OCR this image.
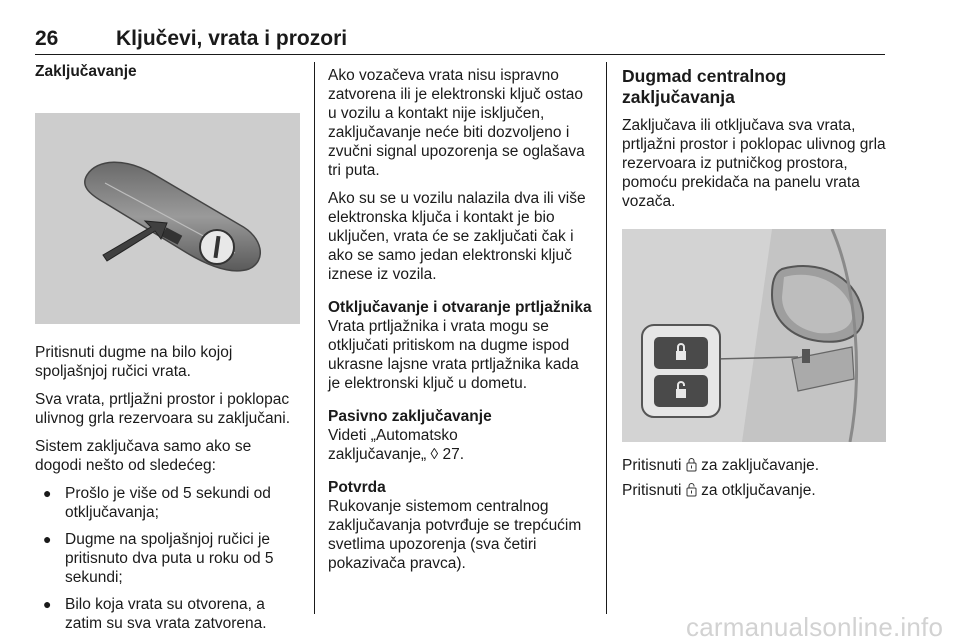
26	Ključevi, vrata i prozori

Zaključavanje

Pritisnuti dugme na bilo kojoj spoljašnjoj ručici vrata.

Sva vrata, prtljažni prostor i poklopac ulivnog grla rezervoara su zaključani.

Sistem zaključava samo ako se dogodi nešto od sledećeg:

● Prošlo je više od 5 sekundi od otključavanja;
● Dugme na spoljašnjoj ručici je pritisnuto dva puta u roku od 5 sekundi;
● Bilo koja vrata su otvorena, a zatim su sva vrata zatvorena.

Ako vozačeva vrata nisu ispravno zatvorena ili je elektronski ključ ostao u vozilu a kontakt nije isključen, zaključavanje neće biti dozvoljeno i zvučni signal upozorenja se oglašava tri puta.

Ako su se u vozilu nalazila dva ili više elektronska ključa i kontakt je bio uključen, vrata će se zaključati čak i ako se samo jedan elektronski ključ iznese iz vozila.

Otključavanje i otvaranje prtljažnika

Vrata prtljažnika i vrata mogu se otključati pritiskom na dugme ispod ukrasne lajsne vrata prtljažnika kada je elektronski ključ u dometu.

Pasivno zaključavanje

Videti „Automatsko
zaključavanje„ ◊ 27.

Potvrda

Rukovanje sistemom centralnog zaključavanja potvrđuje se trepćućim svetlima upozorenja (sva četiri pokazivača pravca).

Dugmad centralnog zaključavanja

Zaključava ili otključava sva vrata, prtljažni prostor i poklopac ulivnog grla rezervoara iz putničkog prostora, pomoću prekidača na panelu vrata vozača.

Pritisnuti za zaključavanje.

Pritisnuti za otključavanje.

carmanualsonline.info
